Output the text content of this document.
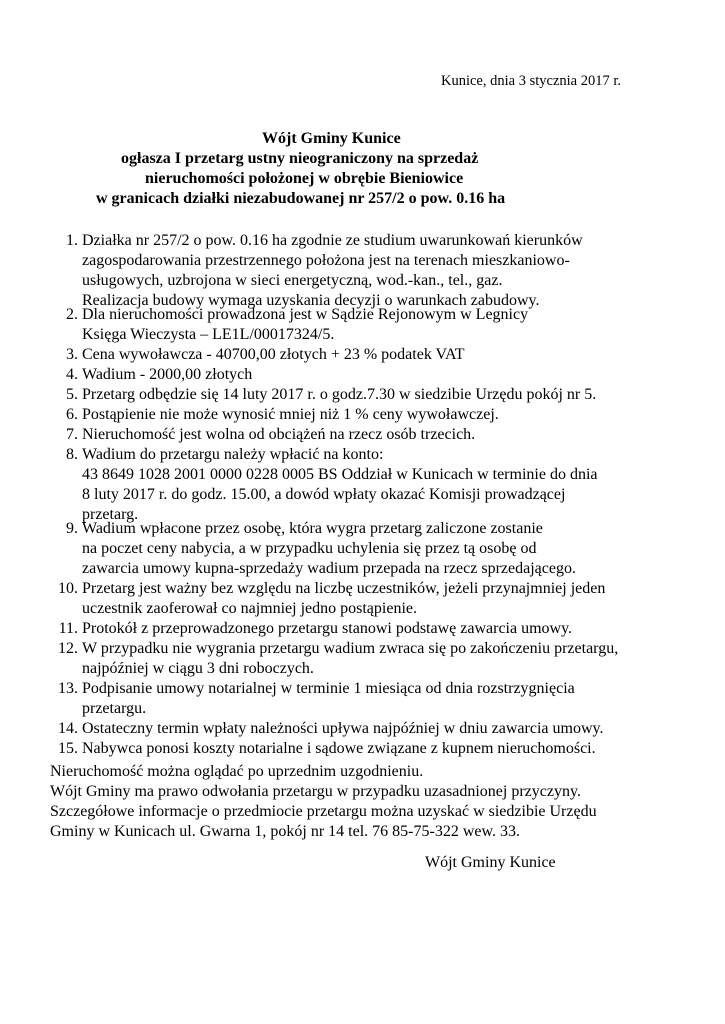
Kunice, dnia 3 stycznia 2017 r.
Wójt Gminy Kunice
ogłasza I przetarg ustny nieograniczony na sprzedaż
nieruchomości położonej w obrębie Bieniowice
w granicach działki niezabudowanej nr 257/2 o pow. 0.16 ha
1. Działka nr 257/2 o pow. 0.16 ha zgodnie ze studium uwarunkowań kierunków
zagospodarowania przestrzennego położona jest na terenach mieszkaniowo-
usługowych, uzbrojona w sieci energetyczną, wod.-kan., tel., gaz.
Realizacja budowy wymaga uzyskania decyzji o warunkach zabudowy.
2. Dla nieruchomości prowadzona jest w Sądzie Rejonowym w Legnicy
Księga Wieczysta – LE1L/00017324/5.
3. Cena wywoławcza - 40700,00 złotych + 23 % podatek VAT
4. Wadium - 2000,00 złotych
5. Przetarg odbędzie się 14 luty 2017 r. o godz.7.30 w siedzibie Urzędu pokój nr 5.
6. Postąpienie nie może wynosić mniej niż 1 % ceny wywoławczej.
7. Nieruchomość jest wolna od obciążeń na rzecz osób trzecich.
8. Wadium do przetargu należy wpłacić na konto:
43 8649 1028 2001 0000 0228 0005 BS Oddział w Kunicach w terminie do dnia
8 luty 2017 r. do godz. 15.00, a dowód wpłaty okazać Komisji prowadzącej
przetarg.
9. Wadium wpłacone przez osobę, która wygra przetarg zaliczone zostanie
na poczet ceny nabycia, a w przypadku uchylenia się przez tą osobę od
zawarcia umowy kupna-sprzedaży wadium przepada na rzecz sprzedającego.
10. Przetarg jest ważny bez względu na liczbę uczestników, jeżeli przynajmniej jeden
uczestnik zaoferował co najmniej jedno postąpienie.
11. Protokół z przeprowadzonego przetargu stanowi podstawę zawarcia umowy.
12. W przypadku nie wygrania przetargu wadium zwraca się po zakończeniu przetargu,
najpóźniej w ciągu 3 dni roboczych.
13. Podpisanie umowy notarialnej w terminie 1 miesiąca od dnia rozstrzygnięcia
przetargu.
14. Ostateczny termin wpłaty należności upływa najpóźniej w dniu zawarcia umowy.
15. Nabywca ponosi koszty notarialne i sądowe związane z kupnem nieruchomości.
Nieruchomość można oglądać po uprzednim uzgodnieniu.
Wójt Gminy ma prawo odwołania przetargu w przypadku uzasadnionej przyczyny.
Szczegółowe informacje o przedmiocie przetargu można uzyskać w siedzibie Urzędu
Gminy w Kunicach ul. Gwarna 1, pokój nr 14 tel. 76 85-75-322 wew. 33.
Wójt Gminy Kunice
